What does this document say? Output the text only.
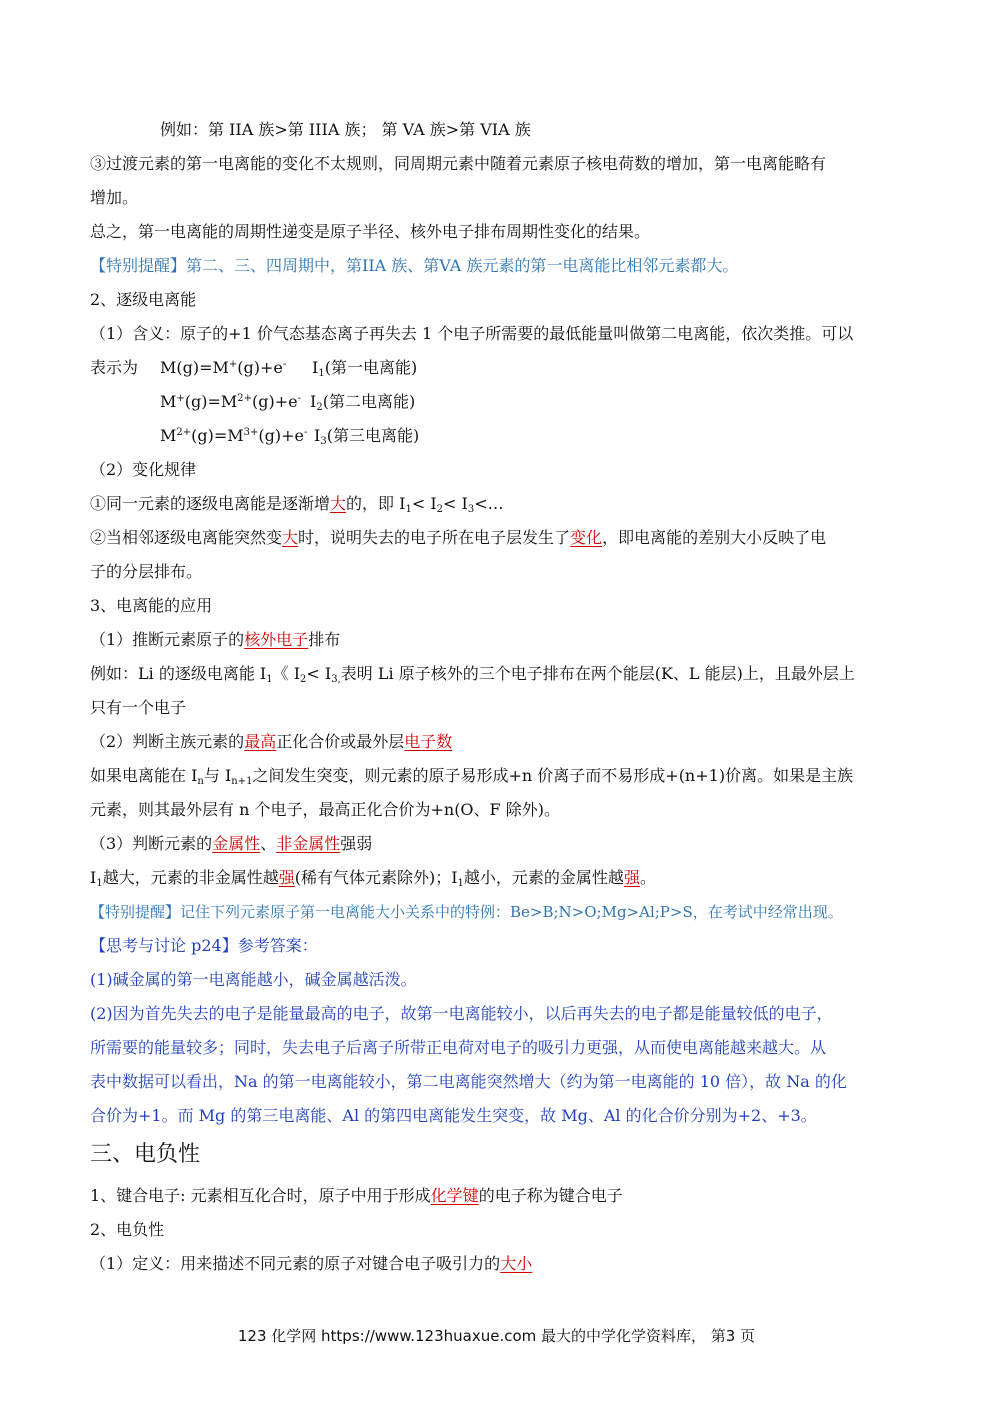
例如：第 IIA 族>第 IIIA 族； 第 VA 族>第 VIA 族
③过渡元素的第一电离能的变化不太规则，同周期元素中随着元素原子核电荷数的增加，第一电离能略有
增加。
总之，第一电离能的周期性递变是原子半径、核外电子排布周期性变化的结果。
【特别提醒】第二、三、四周期中，第IIA 族、第VA 族元素的第一电离能比相邻元素都大。
2、逐级电离能
（1）含义：原子的+1 价气态基态离子再失去 1 个电子所需要的最低能量叫做第二电离能，依次类推。可以
表示为 M(g)=M+(g)+e- $I_1$(第一电离能)
$M^+(g)=M^{2+}(g)+e^-$ $I_2$(第二电离能)
$M^{2+}(g)=M^{3+}(g)+e^-$ $I_3$(第三电离能)
（2）变化规律
①同一元素的逐级电离能是逐渐增大的，即 $I_1< I_2<$ $I_3<\dots$
②当相邻逐级电离能突然变大时，说明失去的电子所在电子层发生了变化，即电离能的差别大小反映了电
子的分层排布。
3、电离能的应用
（1）推断元素原子的核外电子排布
例如：Li 的逐级电离能 $I_1$《 $I_2< I_{3,}$表明 Li 原子核外的三个电子排布在两个能层(K、L 能层)上，且最外层上
只有一个电子
（2）判断主族元素的最高正化合价或最外层电子数
如果电离能在 $I_n$与 $I_{n+1}$之间发生突变，则元素的原子易形成+n 价离子而不易形成+(n+1)价离。如果是主族
元素，则其最外层有 n 个电子，最高正化合价为+n(O、F 除外)。
（3）判断元素的金属性、非金属性强弱
$I_1$越大，元素的非金属性越强(稀有气体元素除外)；$I_1$越小，元素的金属性越强。
【特别提醒】记住下列元素原子第一电离能大小关系中的特例：Be>B;N>O;Mg>Al;P>S，在考试中经常出现。
【思考与讨论 p24】参考答案：
(1)碱金属的第一电离能越小，碱金属越活泼。
(2)因为首先失去的电子是能量最高的电子，故第一电离能较小，以后再失去的电子都是能量较低的电子，
所需要的能量较多；同时，失去电子后离子所带正电荷对电子的吸引力更强，从而使电离能越来越大。从
表中数据可以看出，Na 的第一电离能较小，第二电离能突然增大（约为第一电离能的 10 倍），故 Na 的化
合价为+1。而 Mg 的第三电离能、Al 的第四电离能发生突变，故 Mg、Al 的化合价分别为+2、+3。
三、电负性
1、键合电子: 元素相互化合时，原子中用于形成化学键的电子称为键合电子
2、电负性
（1）定义：用来描述不同元素的原子对键合电子吸引力的大小
123 化学网 https://www.123huaxue.com 最大的中学化学资料库， 第3 页
